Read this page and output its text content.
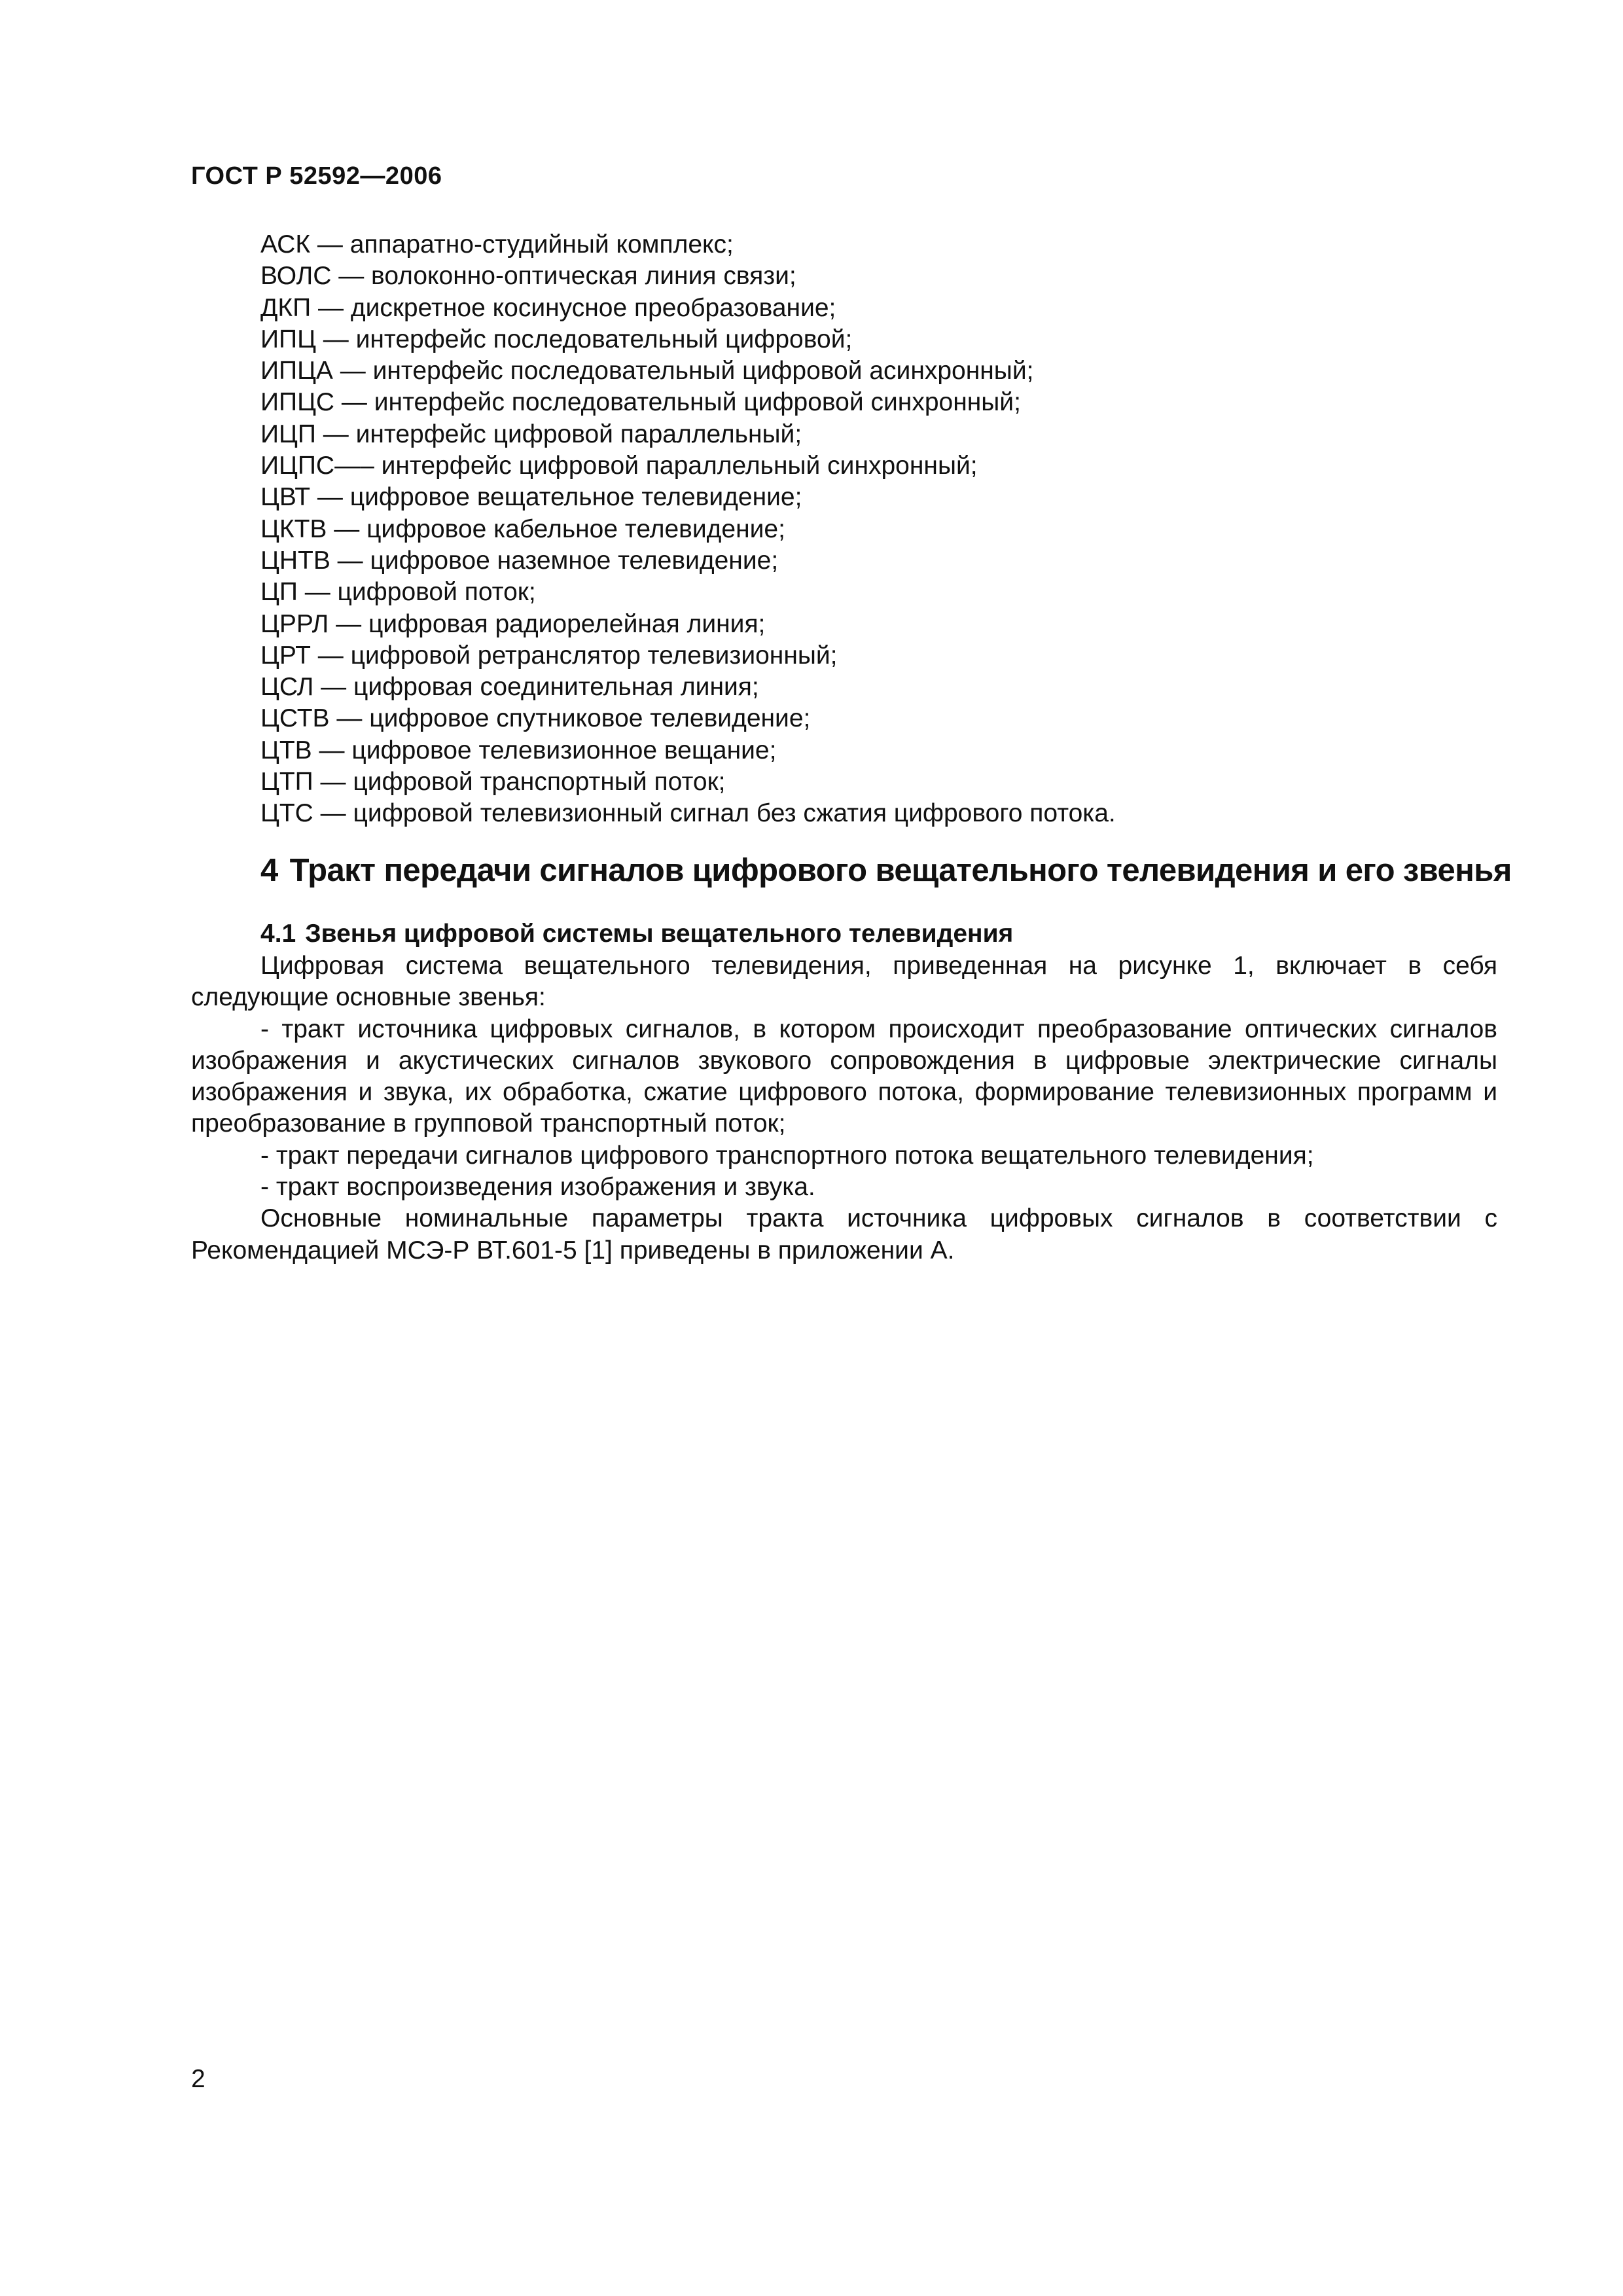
ГОСТ Р 52592—2006
АСК — аппаратно-студийный комплекс;
ВОЛС — волоконно-оптическая линия связи;
ДКП — дискретное косинусное преобразование;
ИПЦ — интерфейс последовательный цифровой;
ИПЦА — интерфейс последовательный цифровой асинхронный;
ИПЦС — интерфейс последовательный цифровой синхронный;
ИЦП — интерфейс цифровой параллельный;
ИЦПС—– интерфейс цифровой параллельный синхронный;
ЦВТ — цифровое вещательное телевидение;
ЦКТВ — цифровое кабельное телевидение;
ЦНТВ — цифровое наземное телевидение;
ЦП — цифровой поток;
ЦРРЛ — цифровая радиорелейная линия;
ЦРТ — цифровой ретранслятор телевизионный;
ЦСЛ — цифровая соединительная линия;
ЦСТВ — цифровое спутниковое телевидение;
ЦТВ — цифровое телевизионное вещание;
ЦТП — цифровой транспортный поток;
ЦТС — цифровой телевизионный сигнал без сжатия цифрового потока.
4 Тракт передачи сигналов цифрового вещательного телевидения и его звенья
4.1 Звенья цифровой системы вещательного телевидения

Цифровая система вещательного телевидения, приведенная на рисунке 1, включает в себя следующие основные звенья:

- тракт источника цифровых сигналов, в котором происходит преобразование оптических сигналов изображения и акустических сигналов звукового сопровождения в цифровые электрические сигналы изображения и звука, их обработка, сжатие цифрового потока, формирование телевизионных программ и преобразование в групповой транспортный поток;

- тракт передачи сигналов цифрового транспортного потока вещательного телевидения;

- тракт воспроизведения изображения и звука.

Основные номинальные параметры тракта источника цифровых сигналов в соответствии с Рекомендацией МСЭ-Р ВТ.601-5 [1] приведены в приложении А.

2
